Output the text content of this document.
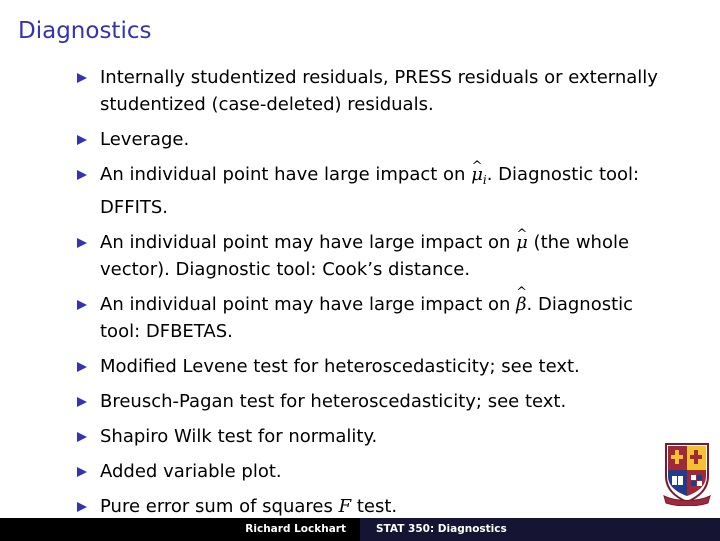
Diagnostics
Internally studentized residuals, PRESS residuals or externally studentized (case-deleted) residuals.
Leverage.
An individual point have large impact on ^ $\mu_i$. Diagnostic tool: DFFITS.
An individual point may have large impact on ^ μ (the whole vector). Diagnostic tool: Cook’s distance.
An individual point may have large impact on ^ β. Diagnostic tool: DFBETAS.
Modified Levene test for heteroscedasticity; see text.
Breusch-Pagan test for heteroscedasticity; see text.
Shapiro Wilk test for normality.
Added variable plot.
Pure error sum of squares F test.
Richard Lockhart	STAT 350: Diagnostics
